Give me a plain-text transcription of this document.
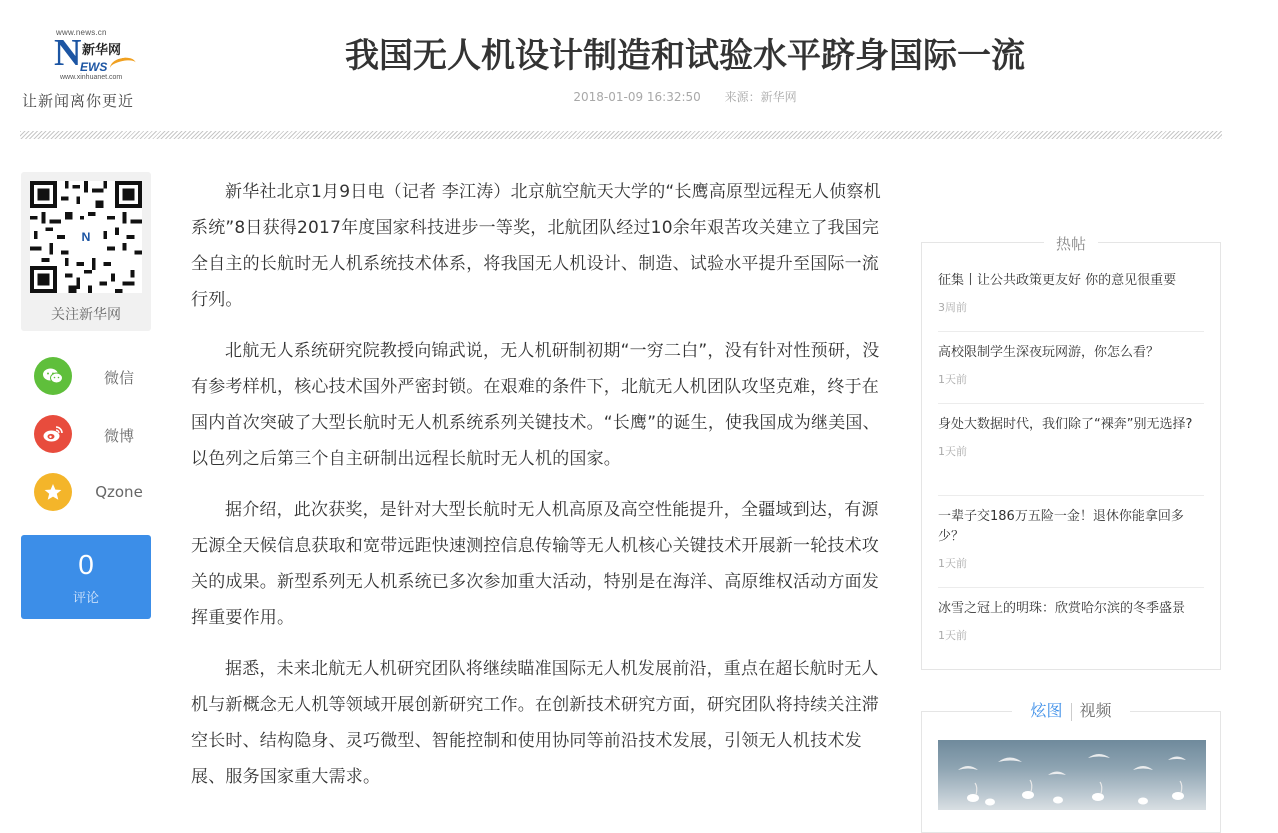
www.news.cn
N 新华网
EWS
www.xinhuanet.com
让新闻离你更近
我国无人机设计制造和试验水平跻身国际一流
2018-01-09 16:32:50 来源：新华网
N
关注新华网
微信
微博
Qzone
0
评论

新华社北京1月9日电（记者 李江涛）北京航空航天大学的“长鹰高原型远程无人侦察机系统”8日获得2017年度国家科技进步一等奖，北航团队经过10余年艰苦攻关建立了我国完全自主的长航时无人机系统技术体系，将我国无人机设计、制造、试验水平提升至国际一流行列。

北航无人系统研究院教授向锦武说，无人机研制初期“一穷二白”，没有针对性预研，没有参考样机，核心技术国外严密封锁。在艰难的条件下，北航无人机团队攻坚克难，终于在国内首次突破了大型长航时无人机系统系列关键技术。“长鹰”的诞生，使我国成为继美国、以色列之后第三个自主研制出远程长航时无人机的国家。

据介绍，此次获奖，是针对大型长航时无人机高原及高空性能提升，全疆域到达，有源无源全天候信息获取和宽带远距快速测控信息传输等无人机核心关键技术开展新一轮技术攻关的成果。新型系列无人机系统已多次参加重大活动，特别是在海洋、高原维权活动方面发挥重要作用。

据悉，未来北航无人机研究团队将继续瞄准国际无人机发展前沿，重点在超长航时无人机与新概念无人机等领域开展创新研究工作。在创新技术研究方面，研究团队将持续关注滞空长时、结构隐身、灵巧微型、智能控制和使用协同等前沿技术发展，引领无人机技术发展、服务国家重大需求。

热帖
征集丨让公共政策更友好 你的意见很重要
3周前
高校限制学生深夜玩网游，你怎么看？
1天前
身处大数据时代，我们除了“裸奔”别无选择?
1天前
一辈子交186万五险一金！退休你能拿回多少？
1天前
冰雪之冠上的明珠：欣赏哈尔滨的冬季盛景
1天前
炫图 视频
